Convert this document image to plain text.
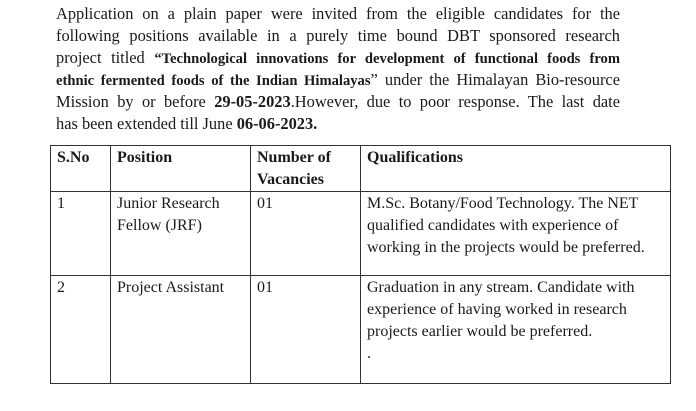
Application on a plain paper were invited from the eligible candidates for the
following positions available in a purely time bound DBT sponsored research
project titled “Technological innovations for development of functional foods from
ethnic fermented foods of the Indian Himalayas” under the Himalayan Bio-resource
Mission by or before 29-05-2023.However, due to poor response. The last date
has been extended till June 06-06-2023.
S.No	Position	Number of Vacancies	Qualifications
1	Junior Research Fellow (JRF)	01	M.Sc. Botany/Food Technology. The NET qualified candidates with experience of working in the projects would be preferred.
2	Project Assistant	01	Graduation in any stream. Candidate with experience of having worked in research projects earlier would be preferred.
.
